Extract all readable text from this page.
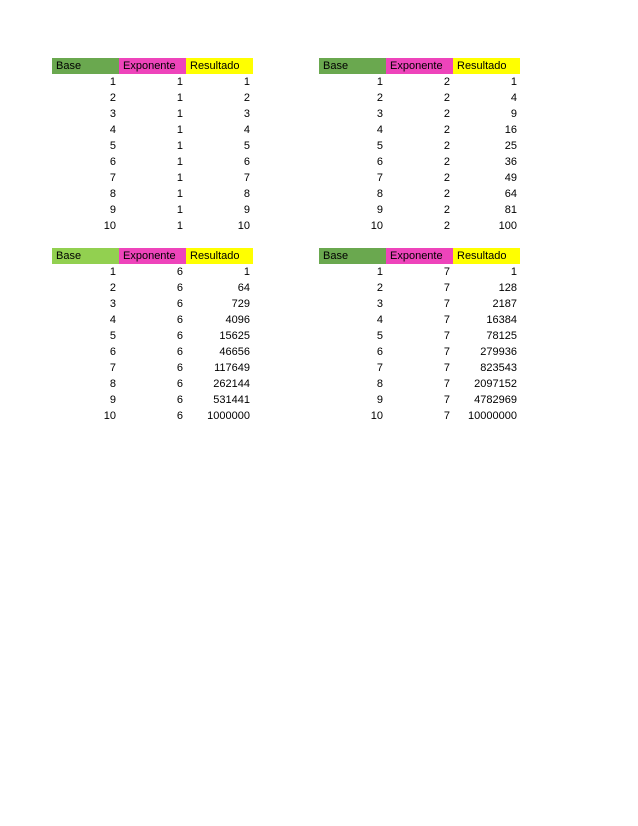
Base	Exponente	Resultado
1	1	1
2	1	2
3	1	3
4	1	4
5	1	5
6	1	6
7	1	7
8	1	8
9	1	9
10	1	10
Base	Exponente	Resultado
1	2	1
2	2	4
3	2	9
4	2	16
5	2	25
6	2	36
7	2	49
8	2	64
9	2	81
10	2	100
Base	Exponente	Resultado
1	6	1
2	6	64
3	6	729
4	6	4096
5	6	15625
6	6	46656
7	6	117649
8	6	262144
9	6	531441
10	6	1000000
Base	Exponente	Resultado
1	7	1
2	7	128
3	7	2187
4	7	16384
5	7	78125
6	7	279936
7	7	823543
8	7	2097152
9	7	4782969
10	7	10000000
